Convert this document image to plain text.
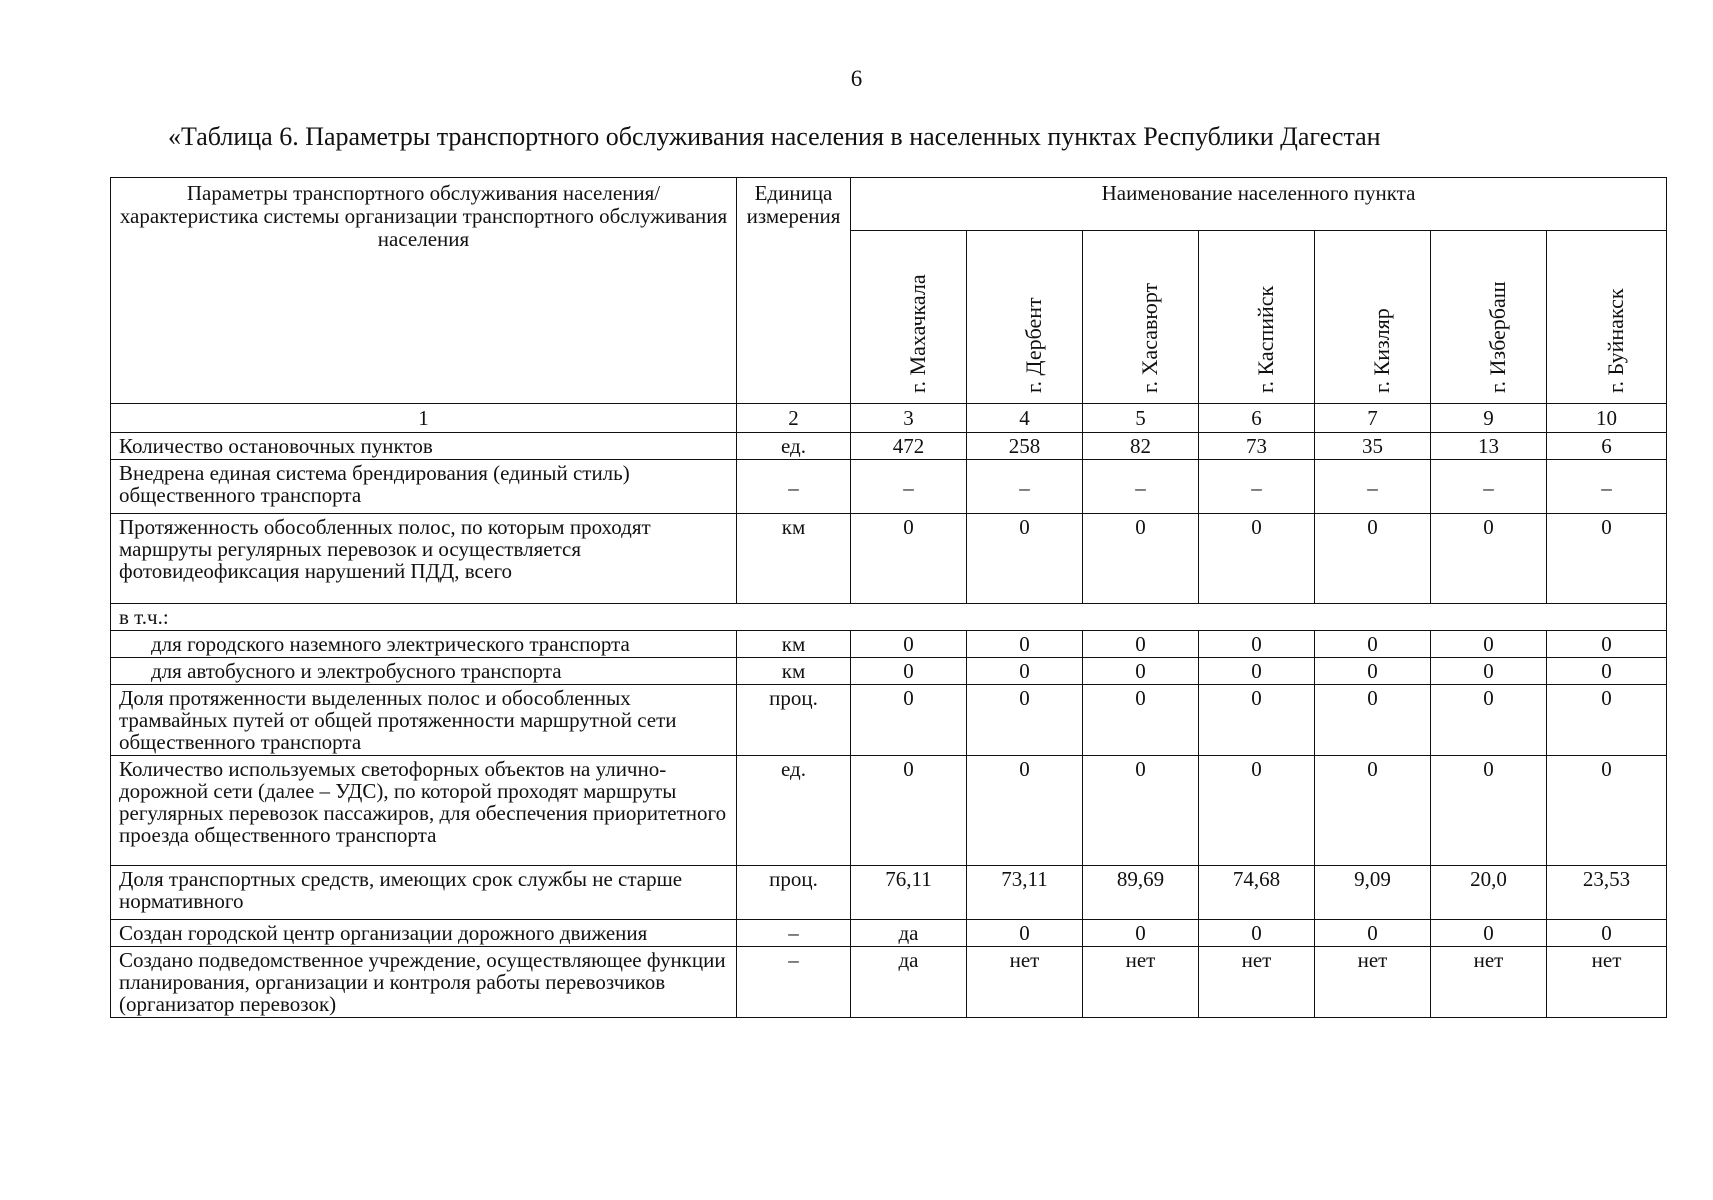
6
«Таблица 6. Параметры транспортного обслуживания населения в населенных пунктах Республики Дагестан
Параметры транспортного обслуживания населения/ характеристика системы организации транспортного обслуживания населения	Единица измерения	Наименование населенного пункта						

		г. Махачкала	г. Дербент	г. Хасавюрт	г. Каспийск	г. Кизляр	г. Избербаш	г. Буйнакск

1	2	3	4	5	6	7	9	10
Количество остановочных пунктов	ед.	472	258	82	73	35	13	6
Внедрена единая система брендирования (единый стиль) общественного транспорта	–	–	–	–	–	–	–	–
Протяженность обособленных полос, по которым проходят маршруты регулярных перевозок и осуществляется фотовидеофиксация нарушений ПДД, всего	км	0	0	0	0	0	0	0
в т.ч.:								
для городского наземного электрического транспорта	км	0	0	0	0	0	0	0
для автобусного и электробусного транспорта	км	0	0	0	0	0	0	0
Доля протяженности выделенных полос и обособленных трамвайных путей от общей протяженности маршрутной сети общественного транспорта	проц.	0	0	0	0	0	0	0
Количество используемых светофорных объектов на улично-дорожной сети (далее – УДС), по которой проходят маршруты регулярных перевозок пассажиров, для обеспечения приоритетного проезда общественного транспорта	ед.	0	0	0	0	0	0	0
Доля транспортных средств, имеющих срок службы не старше нормативного	проц.	76,11	73,11	89,69	74,68	9,09	20,0	23,53
Создан городской центр организации дорожного движения	–	да	0	0	0	0	0	0
Создано подведомственное учреждение, осуществляющее функции планирования, организации и контроля работы перевозчиков (организатор перевозок)	–	да	нет	нет	нет	нет	нет	нет
